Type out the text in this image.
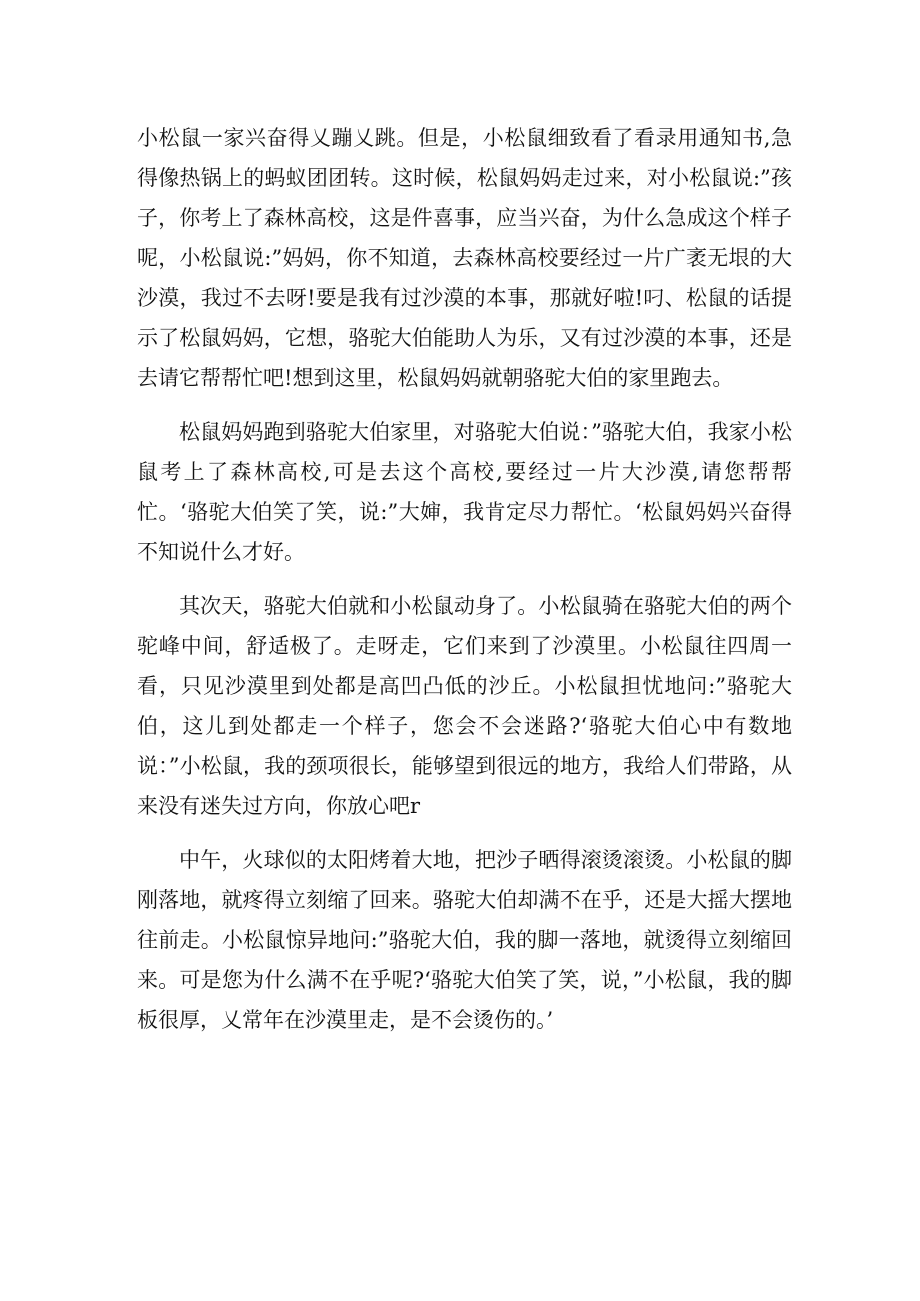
小松鼠一家兴奋得乂蹦乂跳。但是，小松鼠细致看了看录用通知书,急得像热锅上的蚂蚁团团转。这时候，松鼠妈妈走过来，对小松鼠说:”孩子，你考上了森林高校，这是件喜事，应当兴奋，为什么急成这个样子呢，小松鼠说:”妈妈，你不知道，去森林高校要经过一片广袤无垠的大沙漠，我过不去呀!要是我有过沙漠的本事，那就好啦!叼、松鼠的话提示了松鼠妈妈，它想，骆驼大伯能助人为乐，又有过沙漠的本事，还是去请它帮帮忙吧!想到这里，松鼠妈妈就朝骆驼大伯的家里跑去。

松鼠妈妈跑到骆驼大伯家里，对骆驼大伯说：”骆驼大伯，我家小松鼠考上了森林高校,可是去这个高校,要经过一片大沙漠,请您帮帮忙。‘骆驼大伯笑了笑，说:”大婶，我肯定尽力帮忙。‘松鼠妈妈兴奋得不知说什么才好。

其次天，骆驼大伯就和小松鼠动身了。小松鼠骑在骆驼大伯的两个驼峰中间，舒适极了。走呀走，它们来到了沙漠里。小松鼠往四周一看，只见沙漠里到处都是高凹凸低的沙丘。小松鼠担忧地问:”骆驼大伯，这儿到处都走一个样子，您会不会迷路?‘骆驼大伯心中有数地说：”小松鼠，我的颈项很长，能够望到很远的地方，我给人们带路，从来没有迷失过方向，你放心吧r

中午，火球似的太阳烤着大地，把沙子晒得滚烫滚烫。小松鼠的脚刚落地，就疼得立刻缩了回来。骆驼大伯却满不在乎，还是大摇大摆地往前走。小松鼠惊异地问:”骆驼大伯，我的脚一落地，就烫得立刻缩回来。可是您为什么满不在乎呢?‘骆驼大伯笑了笑，说，”小松鼠，我的脚板很厚，乂常年在沙漠里走，是不会烫伤的。’
